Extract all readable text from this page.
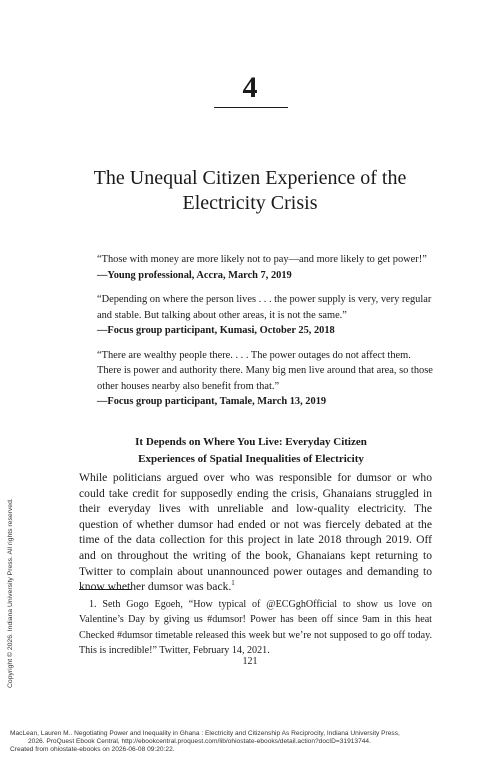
4
The Unequal Citizen Experience of the
Electricity Crisis

“Those with money are more likely not to pay—and more likely to get power!”

—Young professional, Accra, March 7, 2019

“Depending on where the person lives . . . the power supply is very, very regular and stable. But talking about other areas, it is not the same.”

—Focus group participant, Kumasi, October 25, 2018

“There are wealthy people there. . . . The power outages do not affect them. There is power and authority there. Many big men live around that area, so those other houses nearby also benefit from that.”

—Focus group participant, Tamale, March 13, 2019

It Depends on Where You Live: Everyday Citizen
Experiences of Spatial Inequalities of Electricity

While politicians argued over who was responsible for dumsor or who could take credit for supposedly ending the crisis, Ghanaians struggled in their everyday lives with unreliable and low-quality electricity. The question of whether dumsor had ended or not was fiercely debated at the time of the data collection for this project in late 2018 through 2019. Off and on throughout the writing of the book, Ghanaians kept returning to Twitter to complain about unannounced power outages and demanding to know whether dumsor was back.$^1$

1. Seth Gogo Egoeh, “How typical of @ECGghOfficial to show us love on Valentine’s Day by giving us #dumsor! Power has been off since 9am in this heat Checked #dumsor timetable released this week but we’re not supposed to go off today. This is incredible!” Twitter, February 14, 2021.

121
Copyright © 2026. Indiana University Press. All rights reserved.
MacLean, Lauren M.. Negotiating Power and Inequality in Ghana : Electricity and Citizenship As Reciprocity, Indiana University Press,
2026. ProQuest Ebook Central, http://ebookcentral.proquest.com/lib/ohiostate-ebooks/detail.action?docID=31913744.
Created from ohiostate-ebooks on 2026-06-08 09:20:22.
